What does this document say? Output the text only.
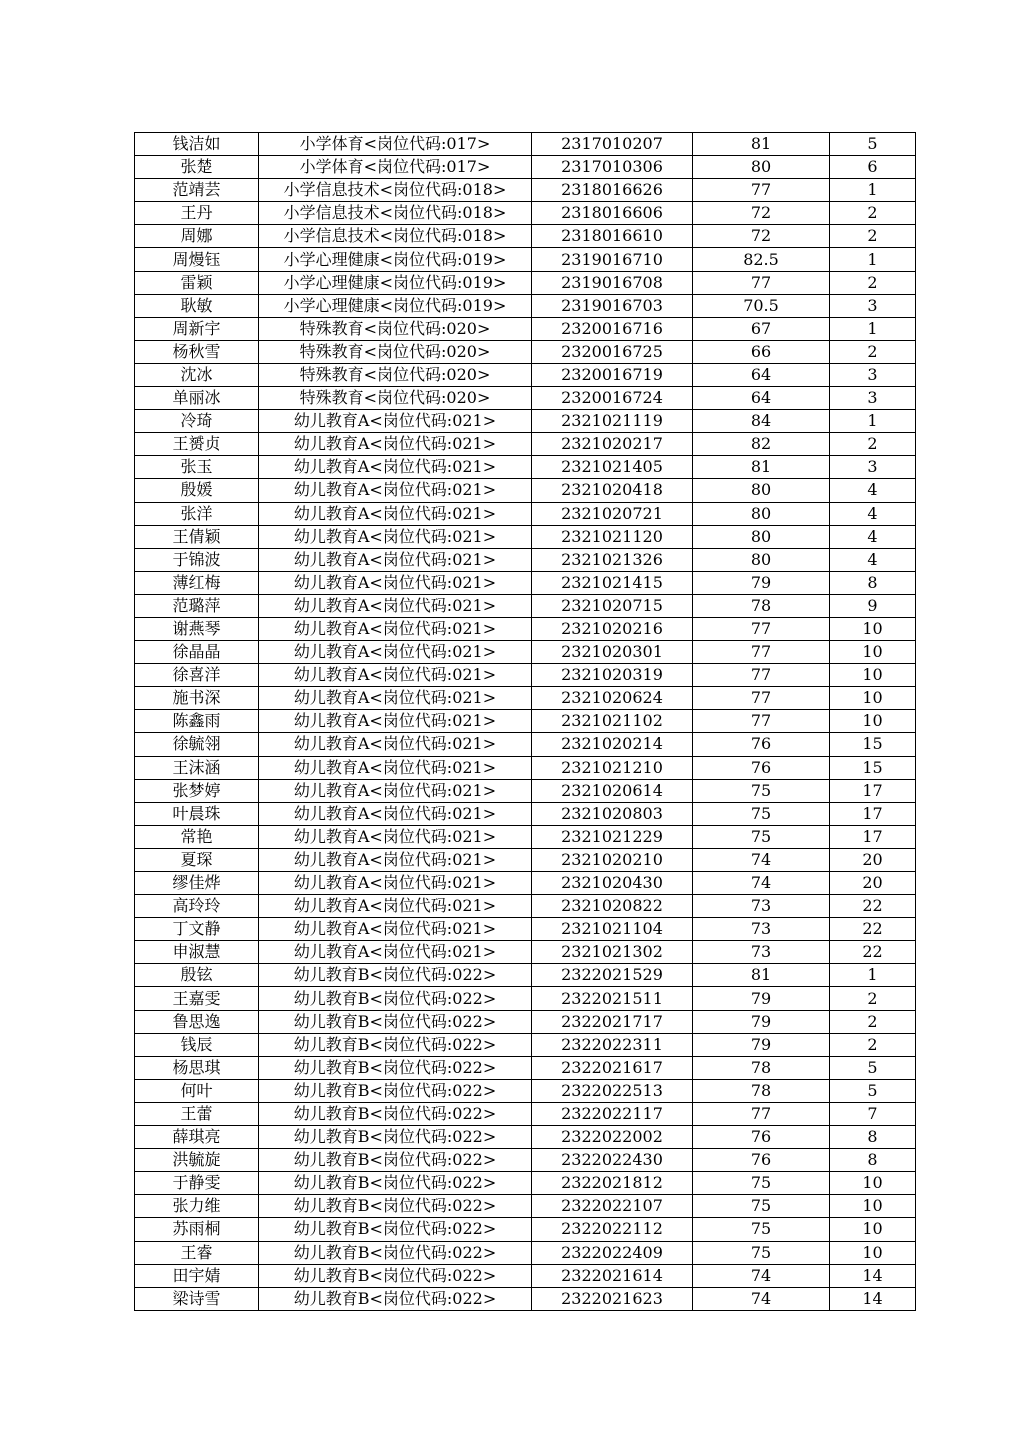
钱洁如	小学体育<岗位代码:017>	2317010207	81	5
张楚	小学体育<岗位代码:017>	2317010306	80	6
范靖芸	小学信息技术<岗位代码:018>	2318016626	77	1
王丹	小学信息技术<岗位代码:018>	2318016606	72	2
周娜	小学信息技术<岗位代码:018>	2318016610	72	2
周熳钰	小学心理健康<岗位代码:019>	2319016710	82.5	1
雷颖	小学心理健康<岗位代码:019>	2319016708	77	2
耿敏	小学心理健康<岗位代码:019>	2319016703	70.5	3
周新宇	特殊教育<岗位代码:020>	2320016716	67	1
杨秋雪	特殊教育<岗位代码:020>	2320016725	66	2
沈冰	特殊教育<岗位代码:020>	2320016719	64	3
单丽冰	特殊教育<岗位代码:020>	2320016724	64	3
冷琦	幼儿教育A<岗位代码:021>	2321021119	84	1
王赟贞	幼儿教育A<岗位代码:021>	2321020217	82	2
张玉	幼儿教育A<岗位代码:021>	2321021405	81	3
殷媛	幼儿教育A<岗位代码:021>	2321020418	80	4
张洋	幼儿教育A<岗位代码:021>	2321020721	80	4
王倩颖	幼儿教育A<岗位代码:021>	2321021120	80	4
于锦波	幼儿教育A<岗位代码:021>	2321021326	80	4
薄红梅	幼儿教育A<岗位代码:021>	2321021415	79	8
范璐萍	幼儿教育A<岗位代码:021>	2321020715	78	9
谢燕琴	幼儿教育A<岗位代码:021>	2321020216	77	10
徐晶晶	幼儿教育A<岗位代码:021>	2321020301	77	10
徐喜洋	幼儿教育A<岗位代码:021>	2321020319	77	10
施书深	幼儿教育A<岗位代码:021>	2321020624	77	10
陈鑫雨	幼儿教育A<岗位代码:021>	2321021102	77	10
徐毓翎	幼儿教育A<岗位代码:021>	2321020214	76	15
王沫涵	幼儿教育A<岗位代码:021>	2321021210	76	15
张梦婷	幼儿教育A<岗位代码:021>	2321020614	75	17
叶晨珠	幼儿教育A<岗位代码:021>	2321020803	75	17
常艳	幼儿教育A<岗位代码:021>	2321021229	75	17
夏琛	幼儿教育A<岗位代码:021>	2321020210	74	20
缪佳烨	幼儿教育A<岗位代码:021>	2321020430	74	20
高玲玲	幼儿教育A<岗位代码:021>	2321020822	73	22
丁文静	幼儿教育A<岗位代码:021>	2321021104	73	22
申淑慧	幼儿教育A<岗位代码:021>	2321021302	73	22
殷铉	幼儿教育B<岗位代码:022>	2322021529	81	1
王嘉雯	幼儿教育B<岗位代码:022>	2322021511	79	2
鲁思逸	幼儿教育B<岗位代码:022>	2322021717	79	2
钱辰	幼儿教育B<岗位代码:022>	2322022311	79	2
杨思琪	幼儿教育B<岗位代码:022>	2322021617	78	5
何叶	幼儿教育B<岗位代码:022>	2322022513	78	5
王蕾	幼儿教育B<岗位代码:022>	2322022117	77	7
薛琪亮	幼儿教育B<岗位代码:022>	2322022002	76	8
洪毓旋	幼儿教育B<岗位代码:022>	2322022430	76	8
于静雯	幼儿教育B<岗位代码:022>	2322021812	75	10
张力维	幼儿教育B<岗位代码:022>	2322022107	75	10
苏雨桐	幼儿教育B<岗位代码:022>	2322022112	75	10
王睿	幼儿教育B<岗位代码:022>	2322022409	75	10
田宇婧	幼儿教育B<岗位代码:022>	2322021614	74	14
梁诗雪	幼儿教育B<岗位代码:022>	2322021623	74	14
